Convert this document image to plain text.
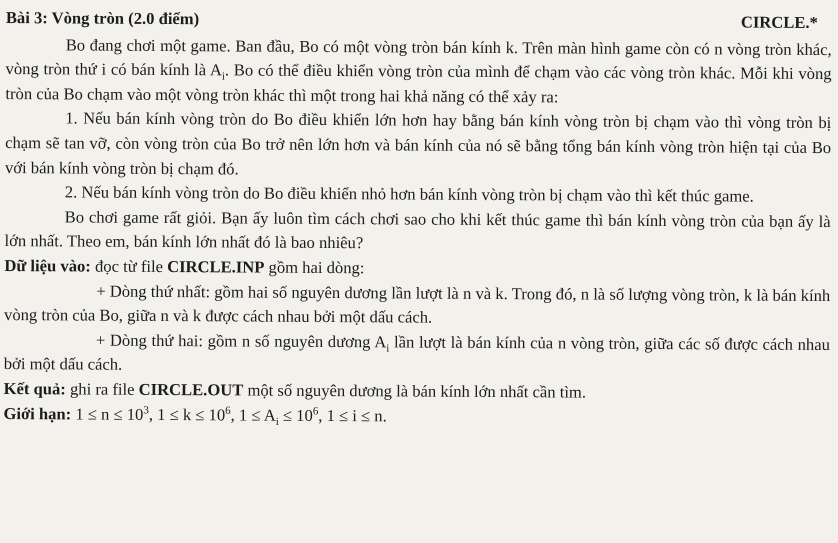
Bài 3: Vòng tròn (2.0 điểm)	CIRCLE.*

Bo đang chơi một game. Ban đầu, Bo có một vòng tròn bán kính k. Trên màn hình game còn có n vòng tròn khác, vòng tròn thứ i có bán kính là $A_i$. Bo có thể điều khiển vòng tròn của mình để chạm vào các vòng tròn khác. Mỗi khi vòng tròn của Bo chạm vào một vòng tròn khác thì một trong hai khả năng có thể xảy ra:

1. Nếu bán kính vòng tròn do Bo điều khiển lớn hơn hay bằng bán kính vòng tròn bị chạm vào thì vòng tròn bị chạm sẽ tan vỡ, còn vòng tròn của Bo trở nên lớn hơn và bán kính của nó sẽ bằng tổng bán kính vòng tròn hiện tại của Bo với bán kính vòng tròn bị chạm đó.

2. Nếu bán kính vòng tròn do Bo điều khiển nhỏ hơn bán kính vòng tròn bị chạm vào thì kết thúc game.

Bo chơi game rất giỏi. Bạn ấy luôn tìm cách chơi sao cho khi kết thúc game thì bán kính vòng tròn của bạn ấy là lớn nhất. Theo em, bán kính lớn nhất đó là bao nhiêu?

Dữ liệu vào: đọc từ file CIRCLE.INP gồm hai dòng:

+ Dòng thứ nhất: gồm hai số nguyên dương lần lượt là n và k. Trong đó, n là số lượng vòng tròn, k là bán kính vòng tròn của Bo, giữa n và k được cách nhau bởi một dấu cách.

+ Dòng thứ hai: gồm n số nguyên dương $A_i$ lần lượt là bán kính của n vòng tròn, giữa các số được cách nhau bởi một dấu cách.

Kết quả: ghi ra file CIRCLE.OUT một số nguyên dương là bán kính lớn nhất cần tìm.

Giới hạn: $1 \le n \le 10^3$, $1 \le k \le 10^6$, $1 \le A_i \le 10^6$, 1 ≤ i ≤ n.
